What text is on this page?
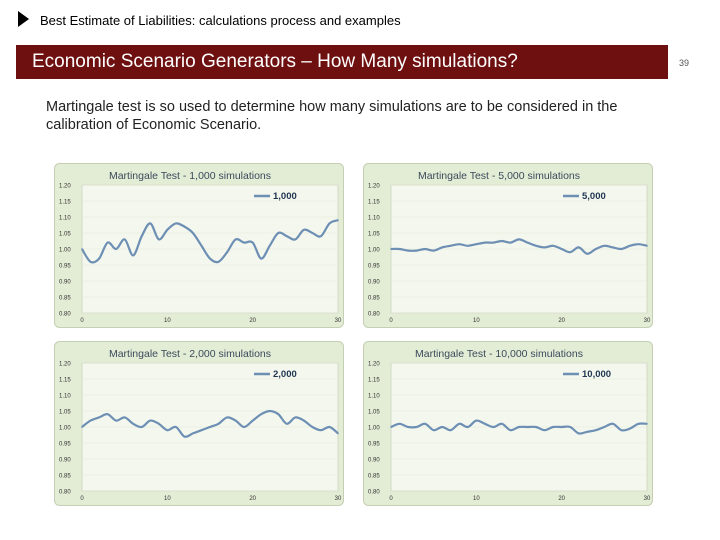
Best Estimate of Liabilities: calculations process and examples
Economic Scenario Generators – How Many simulations?	39
Martingale test is so used to determine how many simulations are to be considered in the calibration of Economic Scenario.
Martingale Test - 1,000 simulations
0.80
0.85
0.90
0.95
1.00
1.05
1.10
1.15
1.20
0	10	20	30
1,000
Martingale Test - 5,000 simulations
0.80
0.85
0.90
0.95
1.00
1.05
1.10
1.15
1.20
0	10	20	30
5,000
Martingale Test - 2,000 simulations
0.80
0.85
0.90
0.95
1.00
1.05
1.10
1.15
1.20
0	10	20	30
2,000
Martingale Test - 10,000 simulations
0.80
0.85
0.90
0.95
1.00
1.05
1.10
1.15
1.20
0	10	20	30
10,000
